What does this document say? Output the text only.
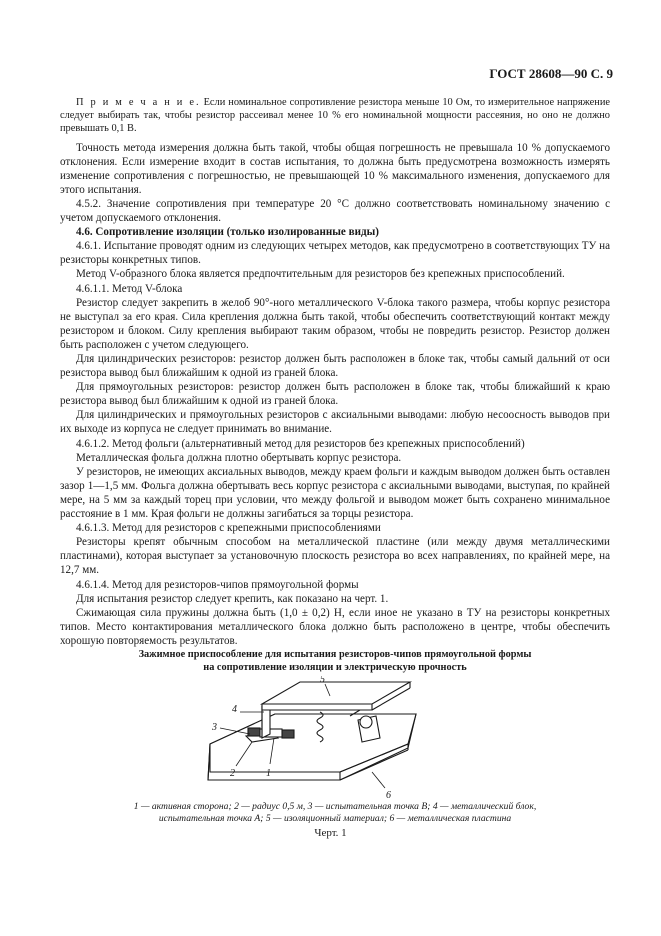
ГОСТ 28608—90 С. 9

П р и м е ч а н и е. Если номинальное сопротивление резистора меньше 10 Ом, то измерительное напряжение следует выбирать так, чтобы резистор рассеивал менее 10 % его номинальной мощности рассеяния, но оно не должно превышать 0,1 В.

Точность метода измерения должна быть такой, чтобы общая погрешность не превышала 10 % допускаемого отклонения. Если измерение входит в состав испытания, то должна быть предусмотрена возможность измерять изменение сопротивления с погрешностью, не превышающей 10 % максимального изменения, допускаемого для этого испытания.

4.5.2. Значение сопротивления при температуре 20 °С должно соответствовать номинальному значению с учетом допускаемого отклонения.

4.6. Сопротивление изоляции (только изолированные виды)

4.6.1. Испытание проводят одним из следующих четырех методов, как предусмотрено в соответствующих ТУ на резисторы конкретных типов.

Метод V-образного блока является предпочтительным для резисторов без крепежных приспособлений.

4.6.1.1. Метод V-блока

Резистор следует закрепить в желоб 90°-ного металлического V-блока такого размера, чтобы корпус резистора не выступал за его края. Сила крепления должна быть такой, чтобы обеспечить соответствующий контакт между резистором и блоком. Силу крепления выбирают таким образом, чтобы не повредить резистор. Резистор должен быть расположен с учетом следующего.

Для цилиндрических резисторов: резистор должен быть расположен в блоке так, чтобы самый дальний от оси резистора вывод был ближайшим к одной из граней блока.

Для прямоугольных резисторов: резистор должен быть расположен в блоке так, чтобы ближайший к краю резистора вывод был ближайшим к одной из граней блока.

Для цилиндрических и прямоугольных резисторов с аксиальными выводами: любую несоосность выводов при их выходе из корпуса не следует принимать во внимание.

4.6.1.2. Метод фольги (альтернативный метод для резисторов без крепежных приспособлений)

Металлическая фольга должна плотно обертывать корпус резистора.

У резисторов, не имеющих аксиальных выводов, между краем фольги и каждым выводом должен быть оставлен зазор 1—1,5 мм. Фольга должна обертывать весь корпус резистора с аксиальными выводами, выступая, по крайней мере, на 5 мм за каждый торец при условии, что между фольгой и выводом может быть сохранено минимальное расстояние в 1 мм. Края фольги не должны загибаться за торцы резистора.

4.6.1.3. Метод для резисторов с крепежными приспособлениями

Резисторы крепят обычным способом на металлической пластине (или между двумя металлическими пластинами), которая выступает за установочную плоскость резистора во всех направлениях, по крайней мере, на 12,7 мм.

4.6.1.4. Метод для резисторов-чипов прямоугольной формы

Для испытания резистор следует крепить, как показано на черт. 1.

Сжимающая сила пружины должна быть (1,0 ± 0,2) Н, если иное не указано в ТУ на резисторы конкретных типов. Место контактирования металлического блока должно быть расположено в центре, чтобы обеспечить хорошую повторяемость результатов.

Зажимное приспособление для испытания резисторов-чипов прямоугольной формы
на сопротивление изоляции и электрическую прочность
5
4
3
2	1
6
1 — активная сторона; 2 — радиус 0,5 м, 3 — испытательная точка В; 4 — металлический блок,
испытательная точка А; 5 — изоляционный материал; 6 — металлическая пластина
Черт. 1
